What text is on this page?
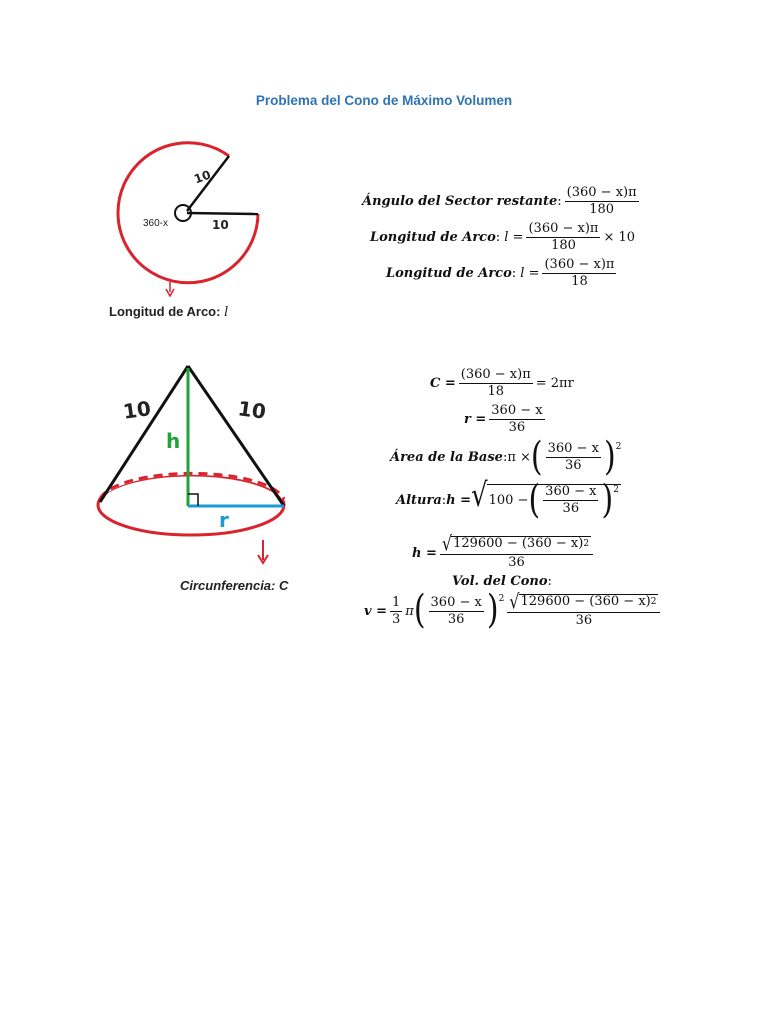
Problema del Cono de Máximo Volumen
10
10
360-x
Longitud de Arco: l
10	10
h
r
Circunferencia: C
Ángulo del Sector restante : $\frac{(360 - x)\pi}{180}$
Longitud de Arco : $l = \frac{(360 - x)\pi}{180} \times 10$
Longitud de Arco : $l = \frac{(360 - x)\pi}{18}$
$C = \frac{(360 - x)\pi}{18} = 2\pi r$
$r = \frac{360 - x}{36}$
Área de la Base : π × ( $\frac{360 - x}{36} )^2$
Altura : h = √ 100 − ( $\frac{360 - x}{36} )^2$
$h = \frac{√ 129600 - (360 - x) 2}{36}$
Vol. del Cono :
$v = \frac{1}{3}$ π ( $\frac{360 - x}{36} )^2 \frac{√ 129600 - (360 - x) 2}{36}$
